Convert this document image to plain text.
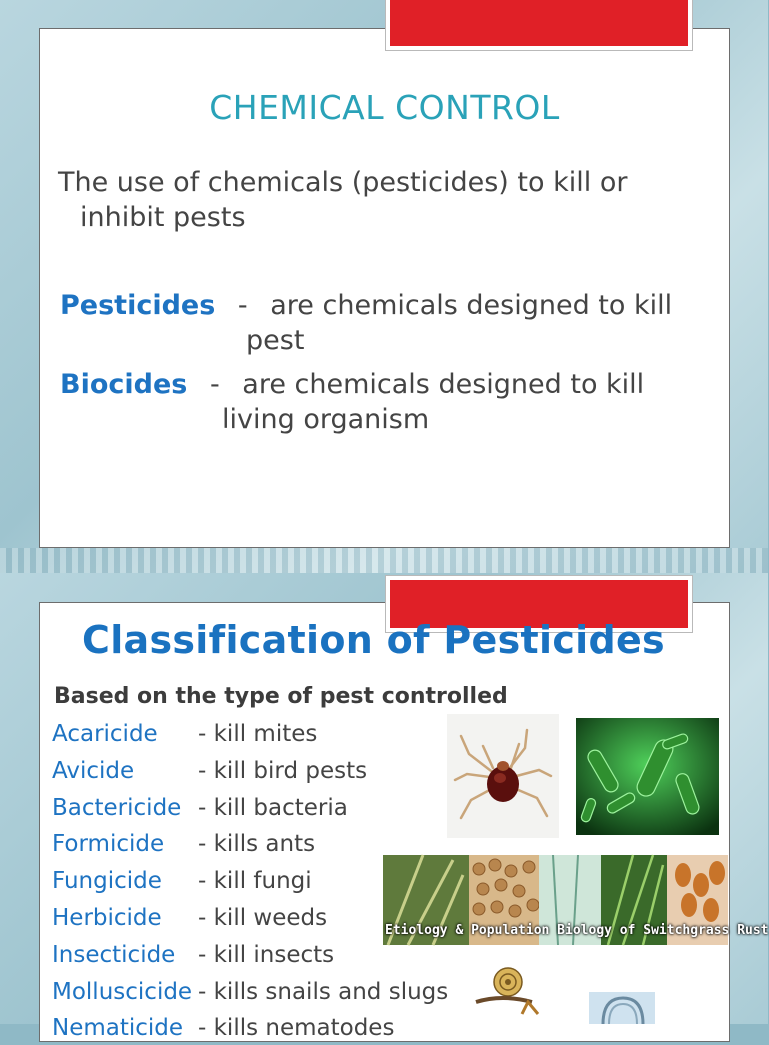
CHEMICAL CONTROL

The use of chemicals (pesticides) to kill or

inhibit pests

Pesticides - are chemicals designed to kill

pest

Biocides - are chemicals designed to kill

living organism

Classification of Pesticides

Based on the type of pest controlled

Acaricide - kill mites
Avicide	- kill bird pests
Bactericide - kill bacteria
Formicide - kills ants
Fungicide - kill fungi
Herbicide - kill weeds
Insecticide - kill insects
Molluscicide - kills snails and slugs
Nematicide - kills nematodes
Etiology & Population Biology of Switchgrass Rust
